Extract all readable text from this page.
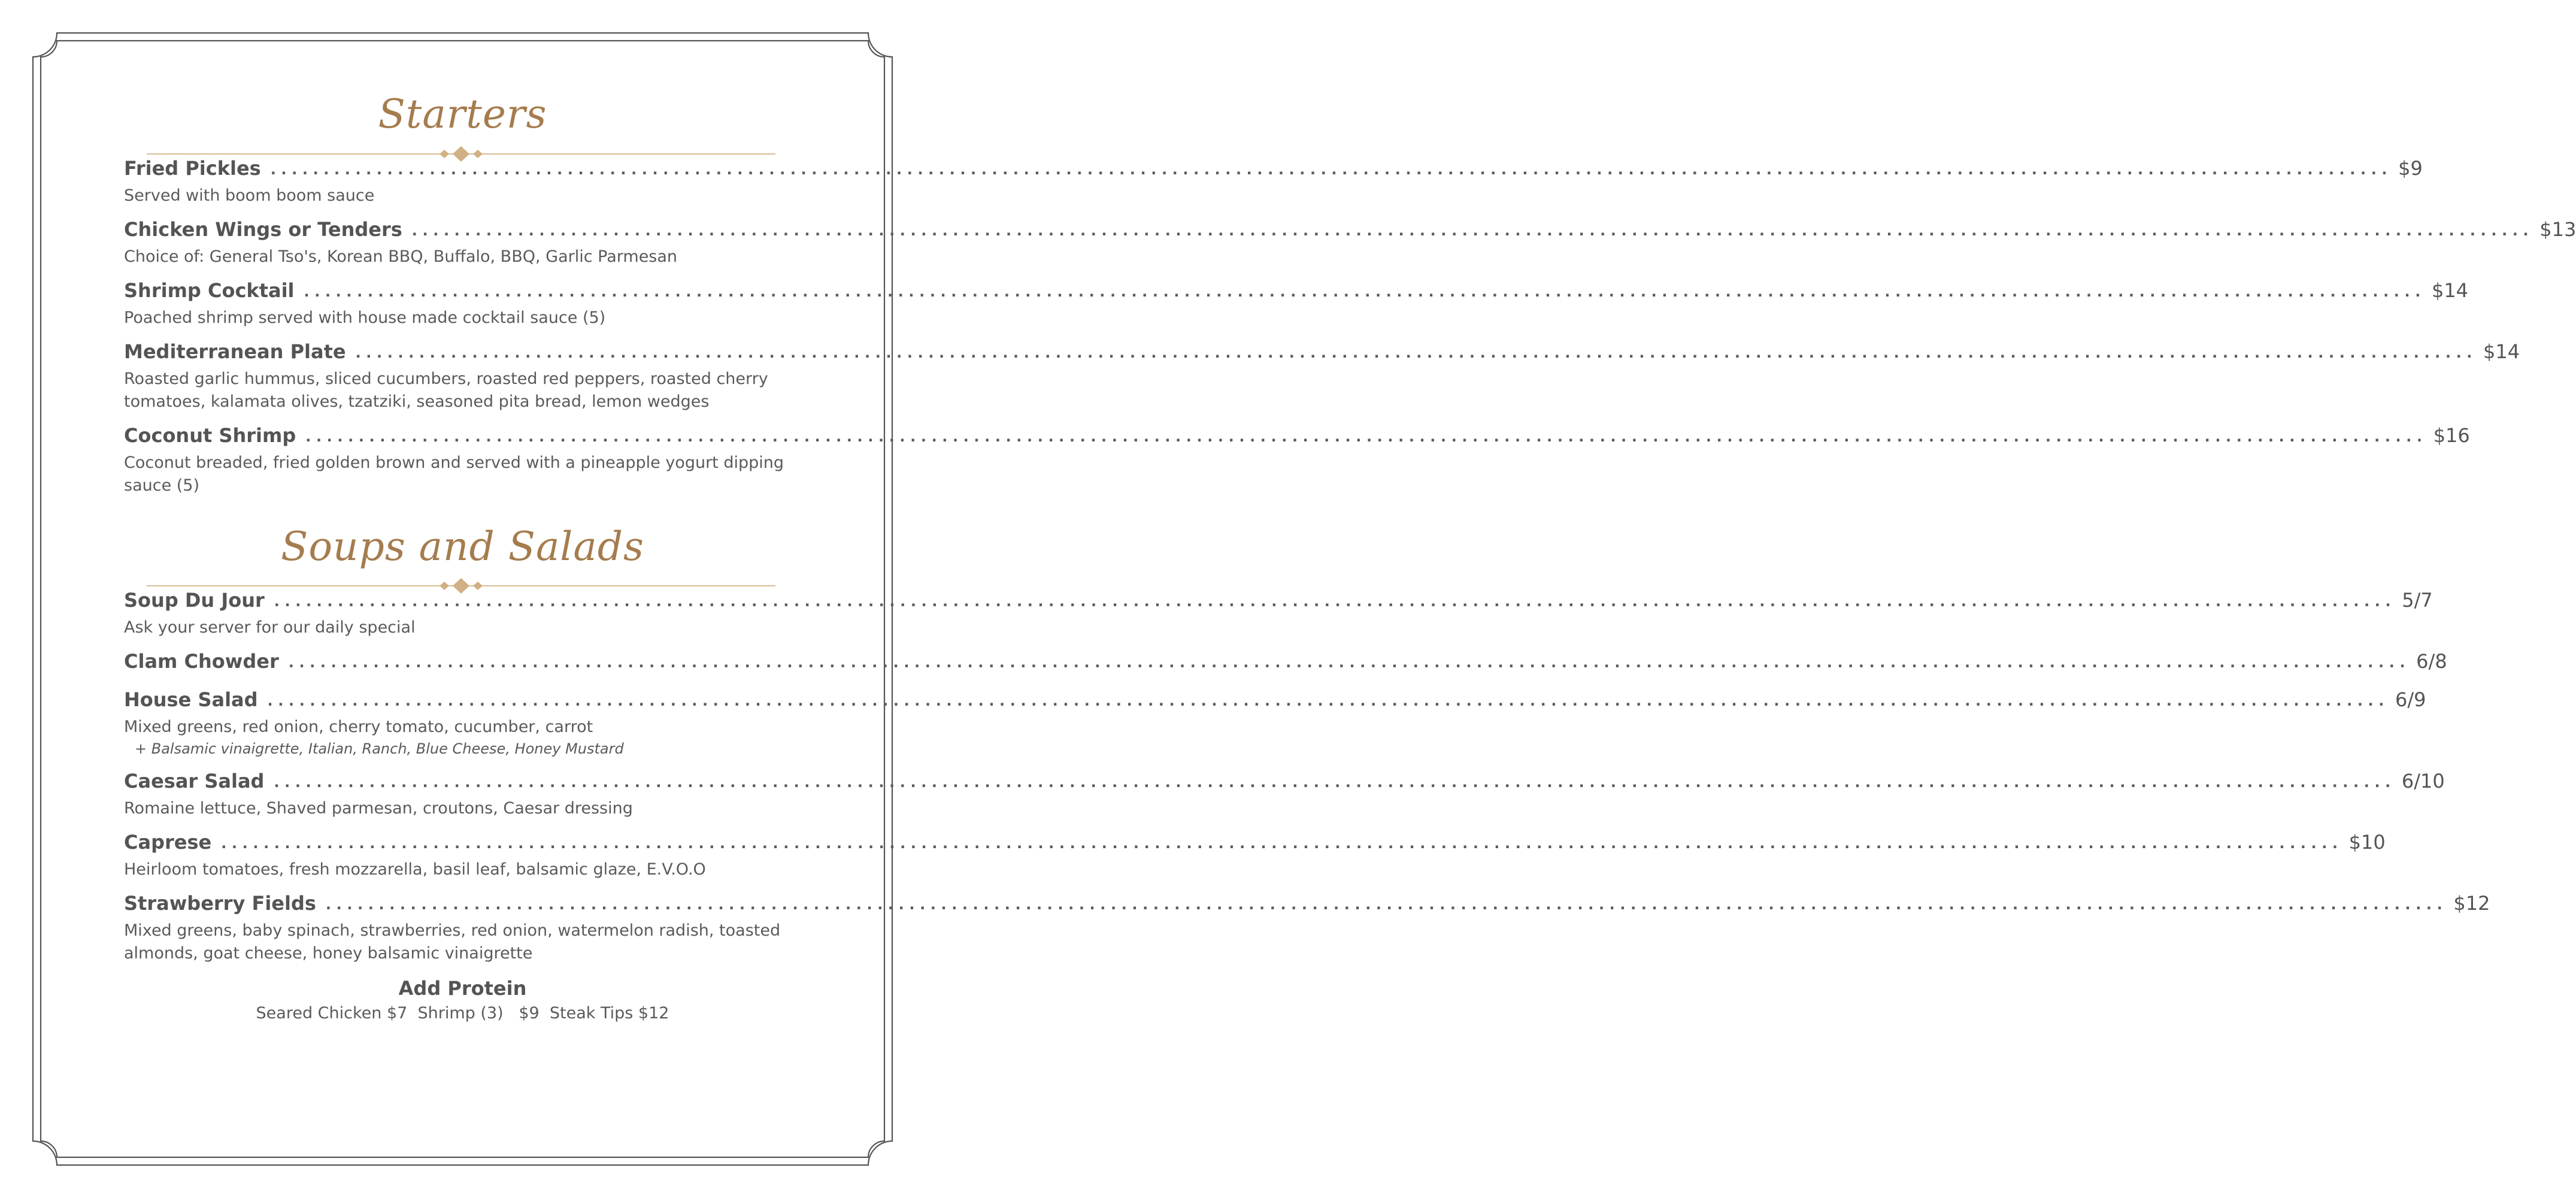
Starters
Fried Pickles ........................................................................................................................................................................................................ $9
Served with boom boom sauce
Chicken Wings or Tenders ........................................................................................................................................................................................................ $13
Choice of: General Tso's, Korean BBQ, Buffalo, BBQ, Garlic Parmesan
Shrimp Cocktail ........................................................................................................................................................................................................ $14
Poached shrimp served with house made cocktail sauce (5)
Mediterranean Plate ........................................................................................................................................................................................................ $14
Roasted garlic hummus, sliced cucumbers, roasted red peppers, roasted cherry tomatoes, kalamata olives, tzatziki, seasoned pita bread, lemon wedges
Coconut Shrimp ........................................................................................................................................................................................................ $16
Coconut breaded, fried golden brown and served with a pineapple yogurt dipping sauce (5)
Soups and Salads
Soup Du Jour ........................................................................................................................................................................................................ 5/7
Ask your server for our daily special
Clam Chowder ........................................................................................................................................................................................................ 6/8
House Salad ........................................................................................................................................................................................................ 6/9
Mixed greens, red onion, cherry tomato, cucumber, carrot
+ Balsamic vinaigrette, Italian, Ranch, Blue Cheese, Honey Mustard
Caesar Salad ........................................................................................................................................................................................................ 6/10
Romaine lettuce, Shaved parmesan, croutons, Caesar dressing
Caprese ........................................................................................................................................................................................................ $10
Heirloom tomatoes, fresh mozzarella, basil leaf, balsamic glaze, E.V.O.O
Strawberry Fields ........................................................................................................................................................................................................ $12
Mixed greens, baby spinach, strawberries, red onion, watermelon radish, toasted almonds, goat cheese, honey balsamic vinaigrette
Add Protein
Seared Chicken $7  Shrimp (3)   $9  Steak Tips $12
